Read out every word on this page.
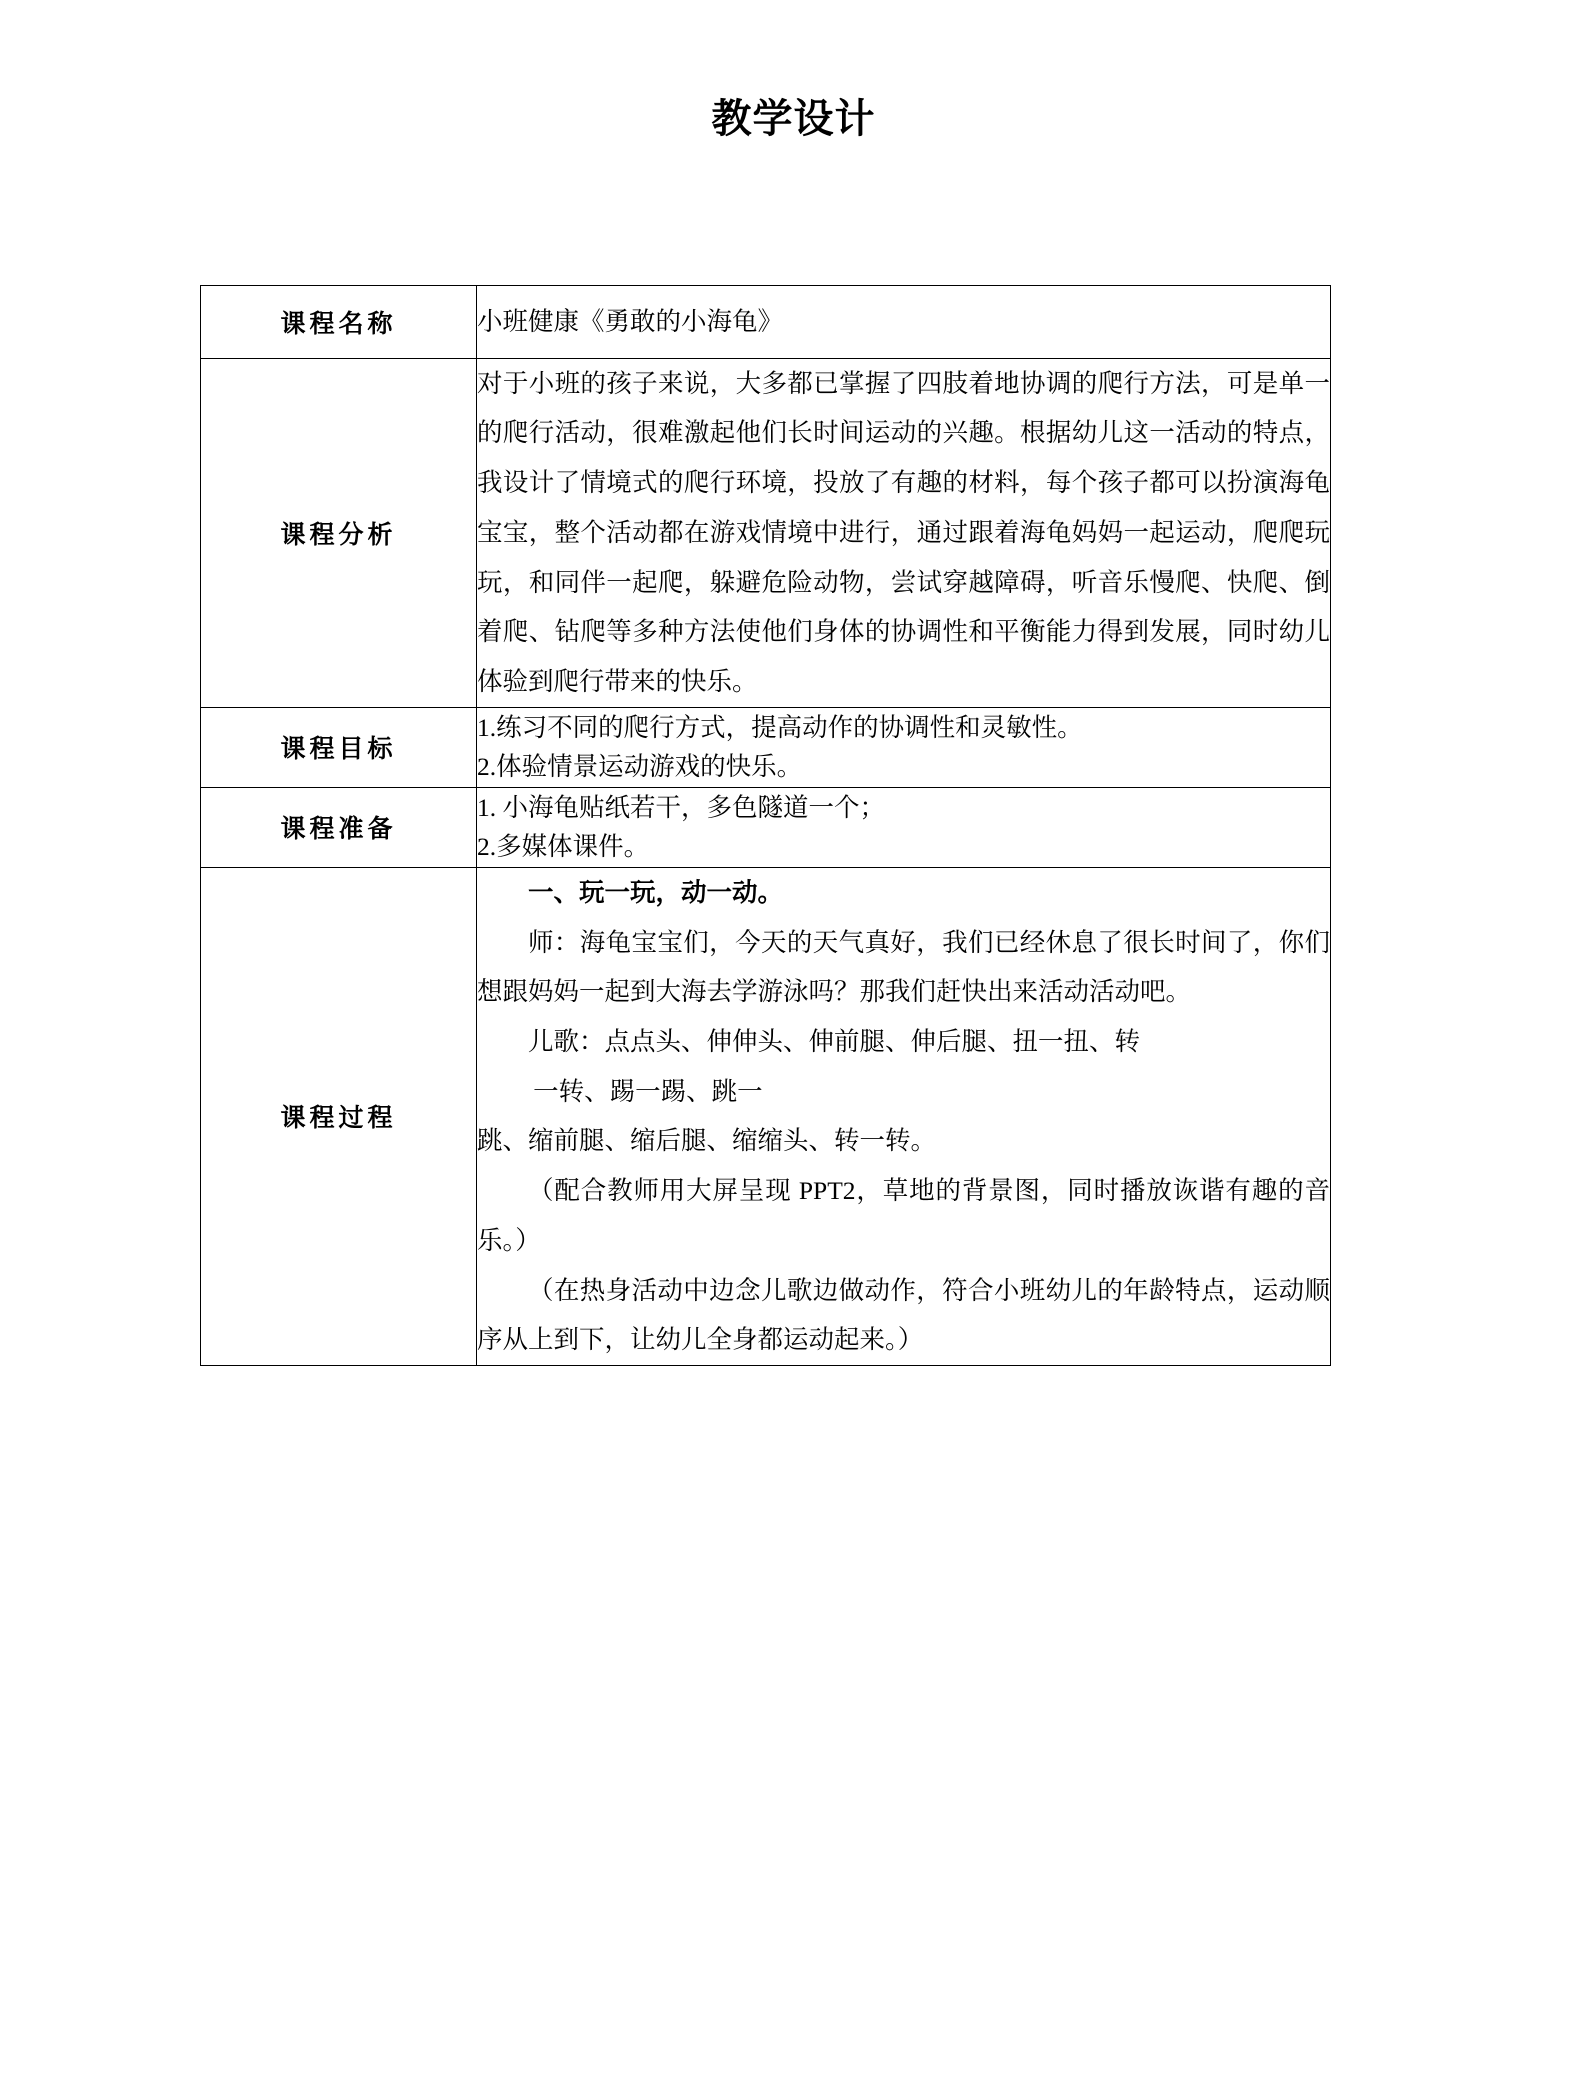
教学设计
课程名称	小班健康《勇敢的小海龟》

课程分析	对于小班的孩子来说，大多都已掌握了四肢着地协调的爬行方法，可是单一的爬行活动，很难激起他们长时间运动的兴趣。根据幼儿这一活动的特点，我设计了情境式的爬行环境，投放了有趣的材料，每个孩子都可以扮演海龟宝宝，整个活动都在游戏情境中进行，通过跟着海龟妈妈一起运动，爬爬玩玩，和同伴一起爬，躲避危险动物，尝试穿越障碍，听音乐慢爬、快爬、倒着爬、钻爬等多种方法使他们身体的协调性和平衡能力得到发展，同时幼儿体验到爬行带来的快乐。

课程目标	1.练习不同的爬行方式，提高动作的协调性和灵敏性。

2.体验情景运动游戏的快乐。

课程准备	1. 小海龟贴纸若干，多色隧道一个；

2.多媒体课件。

课程过程	

一、玩一玩，动一动。

师：海龟宝宝们，今天的天气真好，我们已经休息了很长时间了，你们想跟妈妈一起到大海去学游泳吗？那我们赶快出来活动活动吧。

儿歌：点点头、伸伸头、伸前腿、伸后腿、扭一扭、转

一转、踢一踢、跳一

跳、缩前腿、缩后腿、缩缩头、转一转。

（配合教师用大屏呈现 PPT2，草地的背景图，同时播放诙谐有趣的音乐。）

（在热身活动中边念儿歌边做动作，符合小班幼儿的年龄特点，运动顺序从上到下，让幼儿全身都运动起来。）
